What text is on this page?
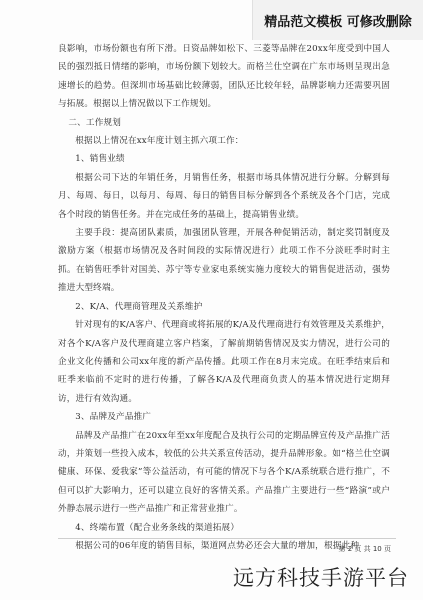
精品范文模板 可修改删除

良影响，市场份额也有所下滑。日资品牌如松下、三菱等品牌在20xx年度受到中国人民的强烈抵日情绪的影响，市场份额下划较大。而格兰仕空调在广东市场则呈现出急速增长的趋势。但深圳市场基础比较薄弱，团队还比较年轻，品牌影响力还需要巩固与拓展。根据以上情况做以下工作规划。

二、工作规划

根据以上情况在xx年度计划主抓六项工作：

1、销售业绩

根据公司下达的年销任务，月销售任务，根据市场具体情况进行分解。分解到每月、每周、每日，以每月、每周、每日的销售目标分解到各个系统及各个门店，完成各个时段的销售任务。并在完成任务的基础上，提高销售业绩。

主要手段：提高团队素质，加强团队管理，开展各种促销活动，制定奖罚制度及激励方案（根据市场情况及各时间段的实际情况进行）此项工作不分淡旺季时时主抓。在销售旺季针对国美、苏宁等专业家电系统实施力度较大的销售促进活动，强势推进大型终端。

2、K/A、代理商管理及关系维护

针对现有的K/A客户、代理商或将拓展的K/A及代理商进行有效管理及关系维护，对各个K/A客户及代理商建立客户档案，了解前期销售情况及实力情况，进行公司的企业文化传播和公司xx年度的新产品传播。此项工作在8月末完成。在旺季结束后和旺季来临前不定时的进行传播，了解各K/A及代理商负责人的基本情况进行定期拜访，进行有效沟通。

3、品牌及产品推广

品牌及产品推广在20xx年至xx年度配合及执行公司的定期品牌宣传及产品推广活动，并策划一些投入成本，较低的公共关系宣传活动，提升品牌形象。如“格兰仕空调健康、环保、爱我家”等公益活动，有可能的情况下与各个K/A系统联合进行推广，不但可以扩大影响力，还可以建立良好的客情关系。产品推广主要进行一些“路演”或户外静态展示进行一些产品推广和正常营业推广。

4、终端布置（配合业务条线的渠道拓展）

根据公司的06年度的销售目标，渠道网点势必还会大量的增加，根据此种

第 2 页 共 10 页
远方科技手游平台
